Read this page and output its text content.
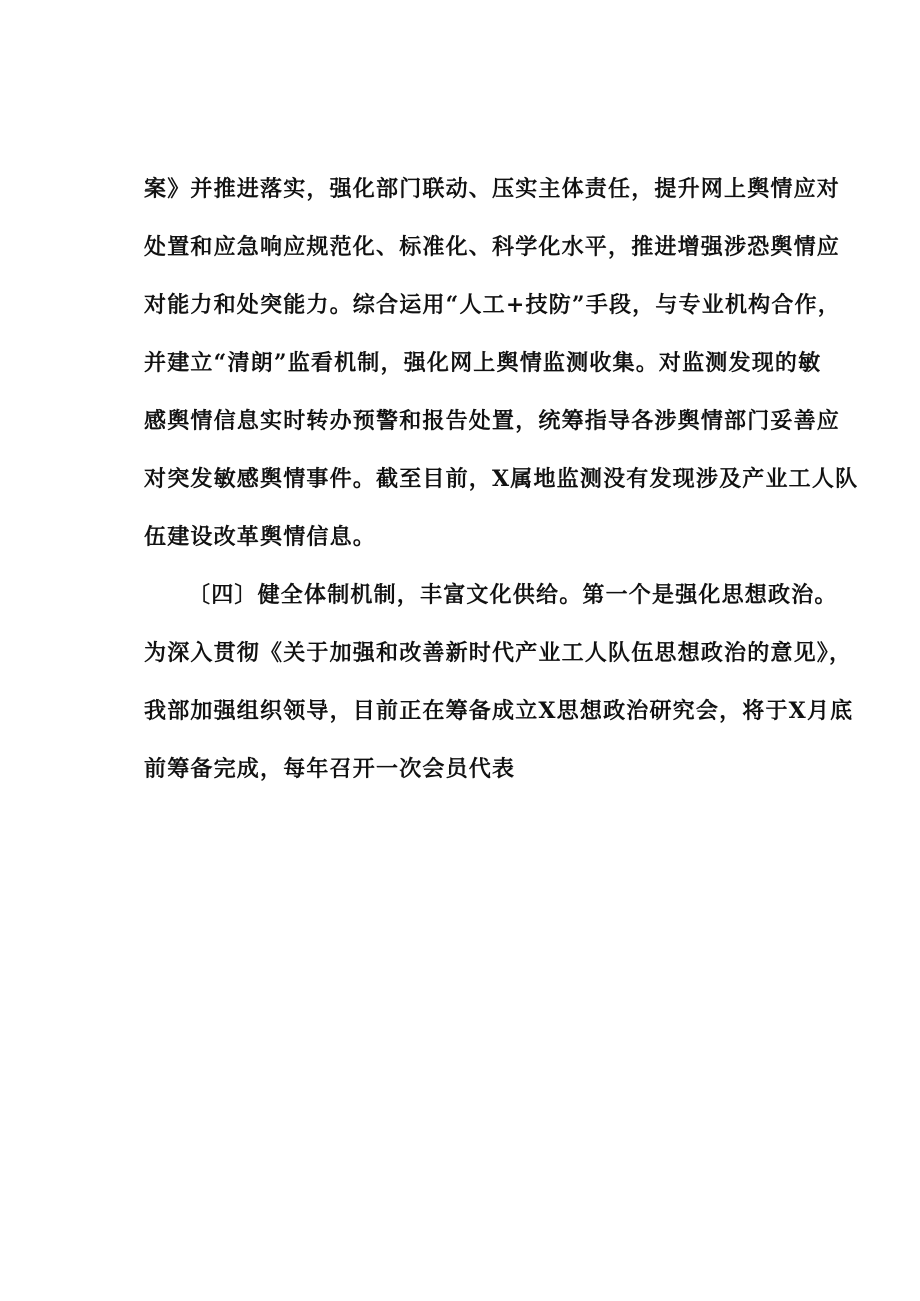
案》并推进落实，强化部门联动、压实主体责任，提升网上舆情应对
处置和应急响应规范化、标准化、科学化水平，推进增强涉恐舆情应
对能力和处突能力。综合运用“人工+技防”手段，与专业机构合作，
并建立“清朗”监看机制，强化网上舆情监测收集。对监测发现的敏
感舆情信息实时转办预警和报告处置，统筹指导各涉舆情部门妥善应
对突发敏感舆情事件。截至目前，X属地监测没有发现涉及产业工人队
伍建设改革舆情信息。
〔四〕健全体制机制，丰富文化供给。第一个是强化思想政治。
为深入贯彻《关于加强和改善新时代产业工人队伍思想政治的意见》，
我部加强组织领导，目前正在筹备成立X思想政治研究会，将于X月底
前筹备完成，每年召开一次会员代表
